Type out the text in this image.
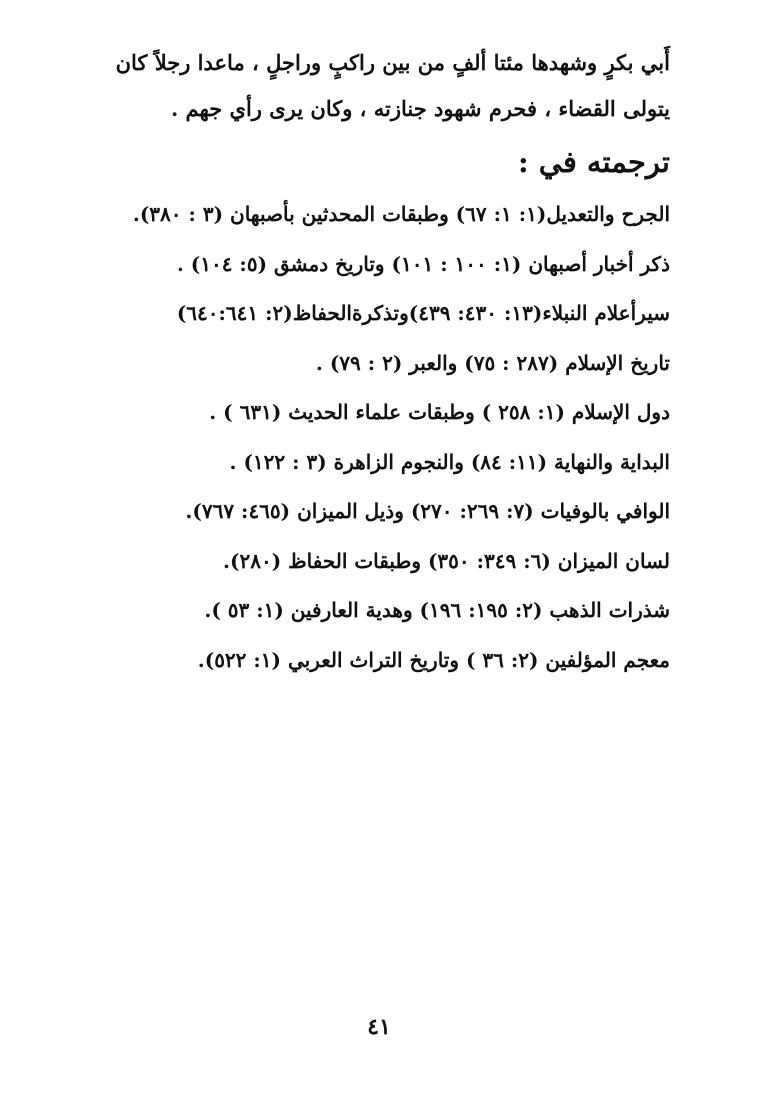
أَبي بكرٍ وشهدها مئتا ألفٍ من بين راكبٍ وراجلٍ ، ماعدا رجلاً كان
يتولى القضاء ، فحرم شهود جنازته ، وكان يرى رأي جهم .
ترجمته في :
الجرح والتعديل(١: ١: ٦٧) وطبقات المحدثين بأصبهان (٣ : ٣٨٠).
ذكر أخبار أصبهان (١: ١٠٠ : ١٠١) وتاريخ دمشق (٥: ١٠٤) .
سيرأعلام النبلاء(١٣: ٤٣٠: ٤٣٩)وتذكرةالحفاظ(٢: ٦٤٠:٦٤١)
تاريخ الإسلام (٢٨٧ : ٧٥) والعبر (٢ : ٧٩) .
دول الإسلام (١: ٢٥٨ ) وطبقات علماء الحديث (٦٣١ ) .
البداية والنهاية (١١: ٨٤) والنجوم الزاهرة (٣ : ١٢٢) .
الوافي بالوفيات (٧: ٢٦٩: ٢٧٠) وذيل الميزان (٤٦٥: ٧٦٧).
لسان الميزان (٦: ٣٤٩: ٣٥٠) وطبقات الحفاظ (٢٨٠).
شذرات الذهب (٢: ١٩٥: ١٩٦) وهدية العارفين (١: ٥٣ ).
معجم المؤلفين (٢: ٣٦ ) وتاريخ التراث العربي (١: ٥٢٢).
٤١
